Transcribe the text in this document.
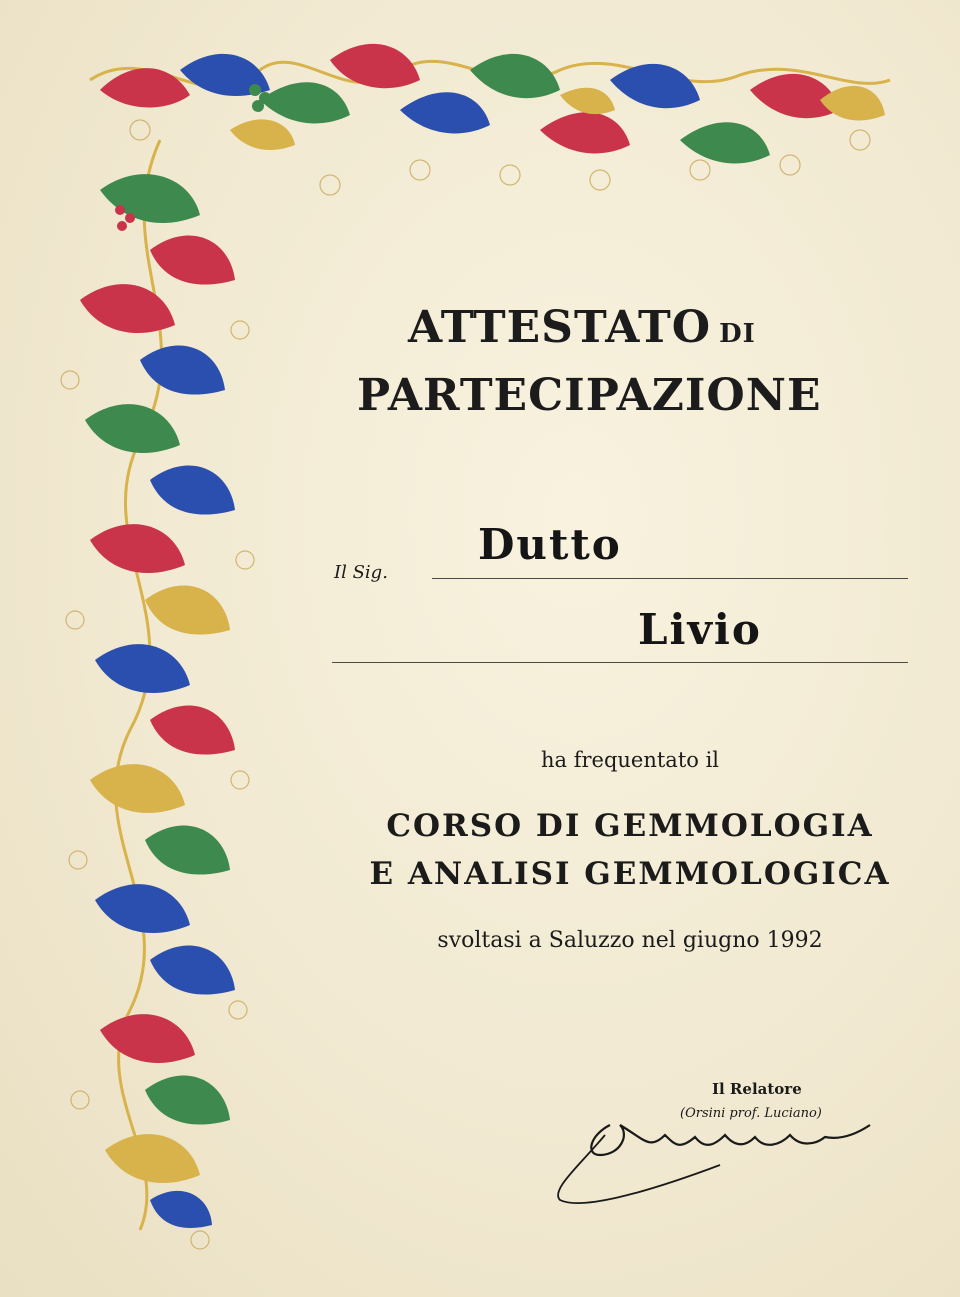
ATTESTATO DI
PARTECIPAZIONE
Il Sig.
Dutto
Livio
ha frequentato il
CORSO DI GEMMOLOGIA
E ANALISI GEMMOLOGICA
svoltasi a Saluzzo nel giugno 1992
Il Relatore
(Orsini prof. Luciano)
